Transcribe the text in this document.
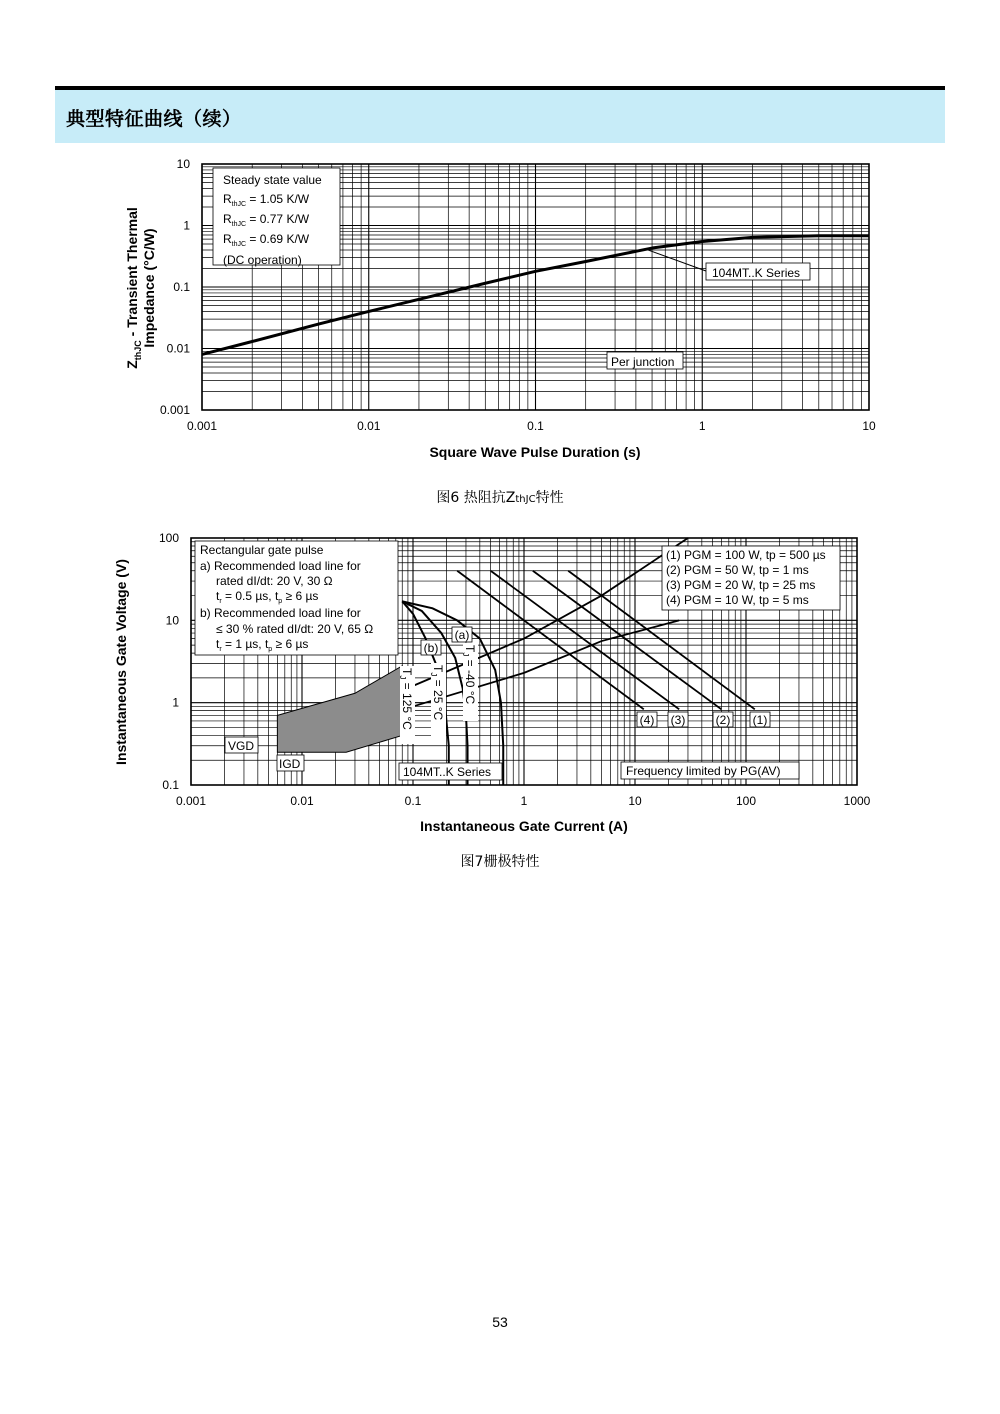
典型特征曲线（续）
0.001	0.01	0.1	1	10
10
1
0.1
0.01
0.001
Square Wave Pulse Duration (s)
$Z_{thJC}$ - Transient Thermal Impedance (°C/W)
Steady state value
$R_{thJC} = 1.05$ K/W
$R_{thJC} = 0.77$ K/W
$R_{thJC} = 0.69$ K/W
(DC operation)
104MT..K Series
Per junction
图6 热阻抗ZthJC特性
0.001	0.01	0.1	1	10	100	1000
100
10
1
0.1
Instantaneous Gate Current (A)
Instantaneous Gate Voltage (V)
Rectangular gate pulse
a) Recommended load line for
rated dI/dt: 20 V, 30 Ω
$t_r = 0.5$ µs, $t_p \ge 6$ µs
b) Recommended load line for
≤ 30 % rated dI/dt: 20 V, 65 Ω
$t_r = 1$ µs, $t_p \ge 6$ µs
(1) PGM = 100 W, tp = 500 µs
(2) PGM = 50 W, tp = 1 ms
(3) PGM = 20 W, tp = 25 ms
(4) PGM = 10 W, tp = 5 ms
(4) (3)	(2) (1)
(a)
(b) $T_J = -40$ °C
$T_J = 25$ °C
$T_J = 125$ °C
VGD
IGD
104MT..K Series	Frequency limited by PG(AV)
图7栅极特性
53
